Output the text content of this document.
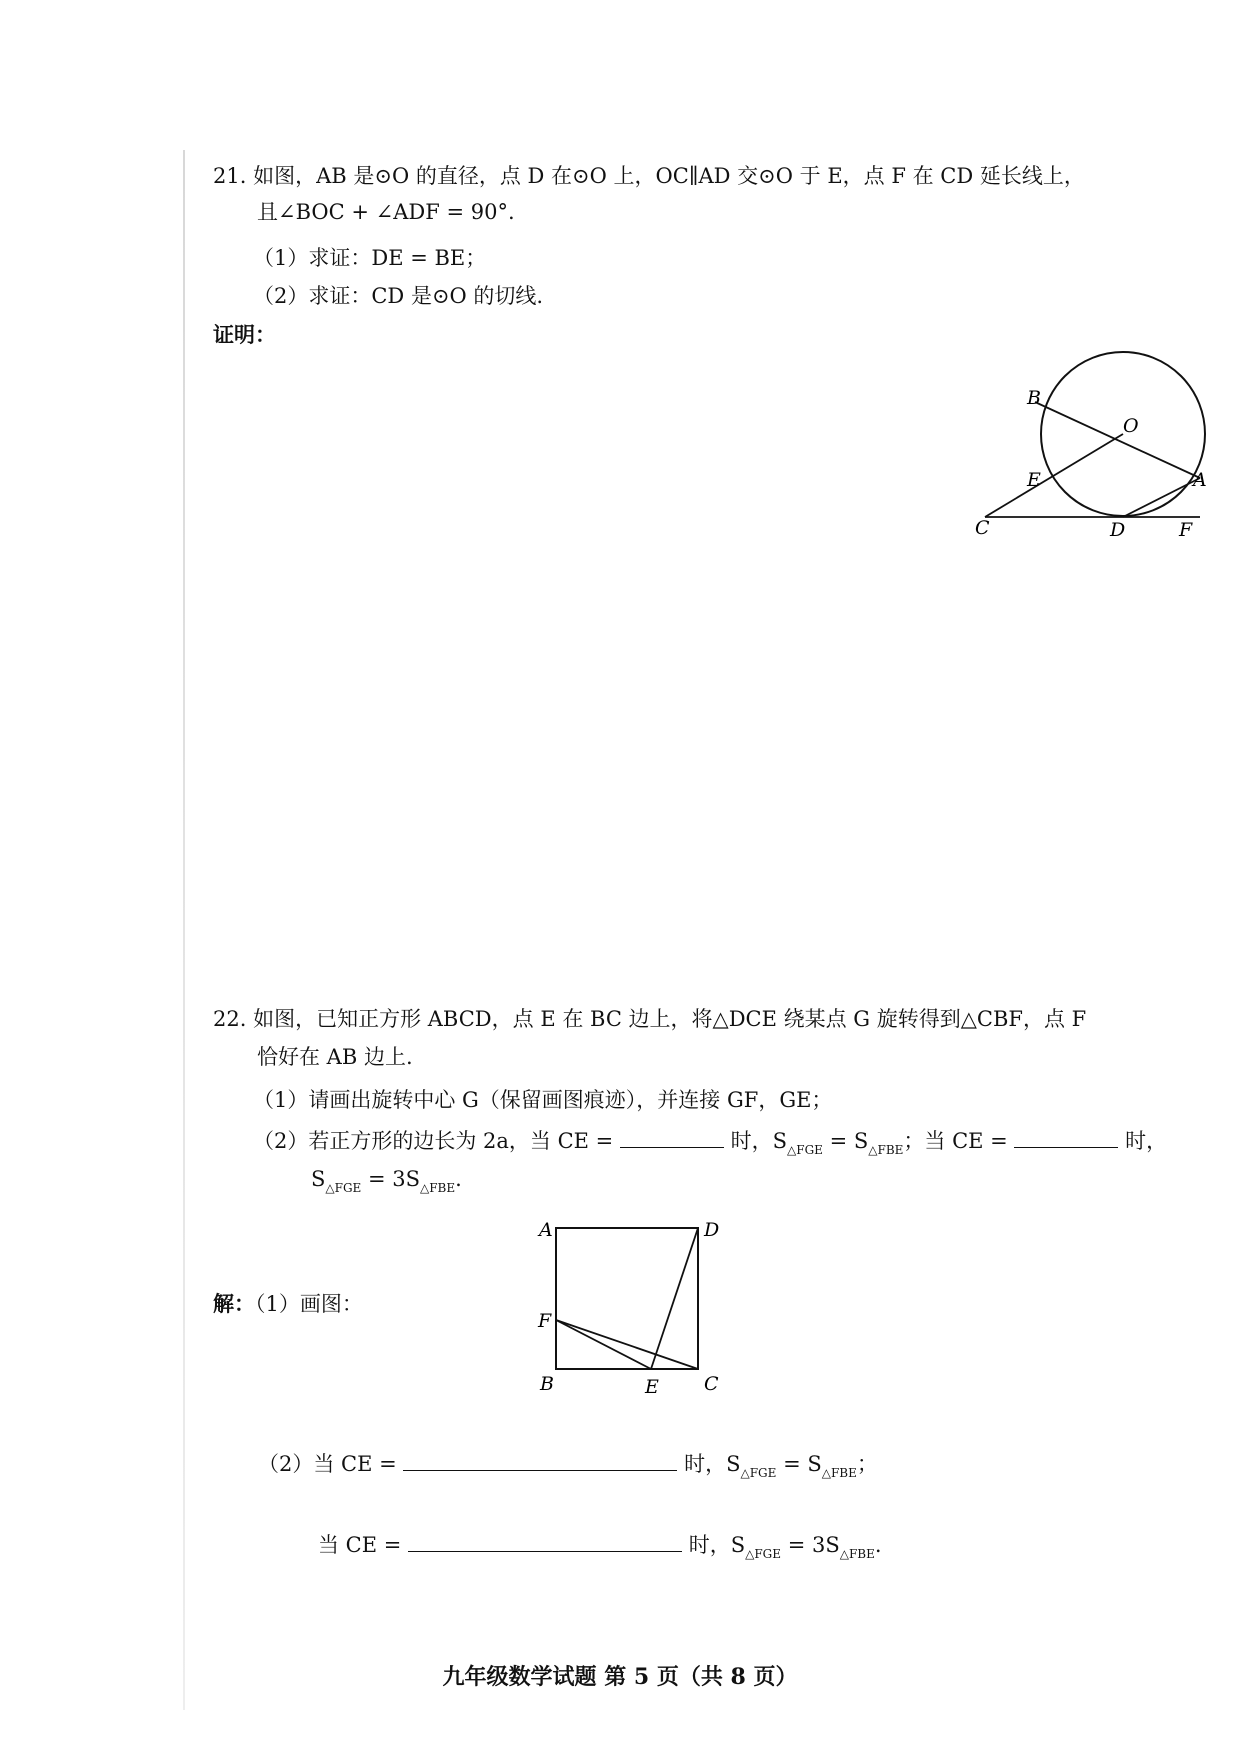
21. 如图，AB 是⊙O 的直径，点 D 在⊙O 上，OC∥AD 交⊙O 于 E，点 F 在 CD 延长线上，
且∠BOC + ∠ADF = 90°.
（1）求证：DE = BE；
（2）求证：CD 是⊙O 的切线.
证明：
B
O
E	A
C	D	F
22. 如图，已知正方形 ABCD，点 E 在 BC 边上，将△DCE 绕某点 G 旋转得到△CBF，点 F
恰好在 AB 边上.
（1）请画出旋转中心 G（保留画图痕迹），并连接 GF，GE；
（2）若正方形的边长为 2a，当 CE =	时，$S_{\triangle FGE} = S_{\triangle FBE}$；当 CE =	时，
$S_{\triangle FGE} = 3S_{\triangle FBE}$.
A	D
F
B	E C
解：（1）画图：
（2）当 CE =	时，$S_{\triangle FGE} = S_{\triangle FBE}$；
当 CE =	时，$S_{\triangle FGE} = 3S_{\triangle FBE}$.
九年级数学试题 第 5 页（共 8 页）
